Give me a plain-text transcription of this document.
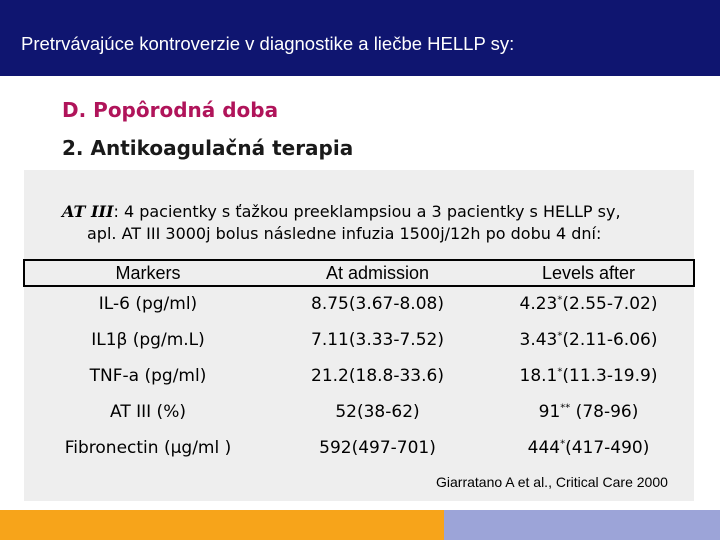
Pretrvávajúce kontroverzie v diagnostike a liečbe HELLP sy:
D. Popôrodná doba
2. Antikoagulačná terapia
AT III: 4 pacientky s ťažkou preeklampsiou a 3 pacientky s HELLP sy,
apl. AT III 3000j bolus následne infuzia 1500j/12h po dobu 4 dní:
Markers	At admission	Levels after
IL-6 (pg/ml)	8.75(3.67-8.08)	4.23*(2.55-7.02)
IL1β (pg/m.L)	7.11(3.33-7.52)	3.43*(2.11-6.06)
TNF-a (pg/ml)	21.2(18.8-33.6)	18.1*(11.3-19.9)
AT III (%)	52(38-62)	91** (78-96)
Fibronectin (μg/ml )	592(497-701)	444*(417-490)
Giarratano A et al., Critical Care 2000
